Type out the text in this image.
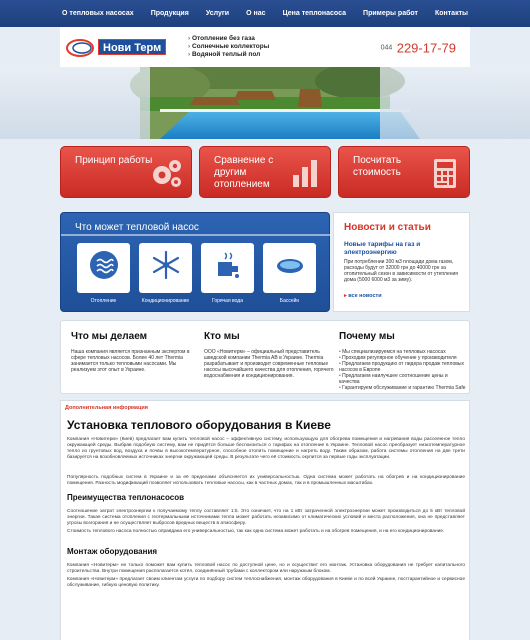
О тепловых насосах Продукция Услуги О нас Цена теплонасоса Примеры работ Контакты
Нови Терм
› Отопление без газа
› Солнечные коллекторы
› Водяной теплый пол
044 229-17-79
Принцип работы	Сравнение с другим отоплением
Посчитать стоимость
Что может тепловой насос
Отопление	Кондиционирование	Горячая вода	Бассейн
Новости и статьи
Новые тарифы на газ и электроэнергию
При потреблении 300 м3 площади дома газом, расходы будут от 32000 грн до 40000 грн за отопительный сезон в зависимости от утепления дома (5000 6000 м3 за зиму).
▸ все новости
Что мы делаем

Наша компания является признанным экспертом в сфере тепловых насосов. Более 40 лет Thermia занимается только тепловыми насосами. Мы реализуем этот опыт в Украине.

Кто мы

ООО «Новитерм» – официальный представитель шведской компании Thermia AB в Украине. Thermia разрабатывает и производит современные тепловые насосы высочайшего качества для отопления, горячего водоснабжения и кондиционирования.

Почему мы
• Мы специализируемся на тепловых насосах
• Проходим регулярное обучение у производителя
• Предлагаем продукцию от лидера продаж тепловых насосов в Европе
• Предлагаем наилучшее соотношение цены и качества
• Гарантируем обслуживание и гарантию Thermia Safe
Дополнительная информация
Установка теплового оборудования в Киеве
Компания «Новитерм» (Киев) предлагает вам купить тепловой насос – эффективную систему, использующую для обогрева помещения и нагревания воды рассеянное тепло окружающей среды. Выбрав подобную систему, вам не придётся больше беспокоиться о тарифах на отопление в Украине. Тепловой насос преобразует низкотемпературное тепло из грунтовых вод, воздуха и почвы в высокотемпературное, способное отопить помещение и нагреть воду. Таким образом, работа системы отопления на две трети базируется на возобновляемых источниках энергии окружающей среды. В результате чего её стоимость окупится за первые годы эксплуатации.
Популярность подобных систем в Украине и за её пределами объясняется их универсальностью. Одна система может работать на обогрев и на кондиционирование помещения. Разность модификаций позволяет использовать тепловые насосы, как в частных домах, так и в промышленных масштабах.
Преимущества теплонасосов
Соотношение затрат электроэнергии к получаемому теплу составляет 1:5. Это означает, что на 1 кВт затраченной электроэнергии может производиться до 5 кВт тепловой энергии. Такая система отопления с геотермальными источниками тепла может работать независимо от климатических условий и места расположения, она не представляет угрозы возгорания и не осуществляет выбросов вредных веществ в атмосферу.
Стоимость теплового насоса полностью оправдана его универсальностью, так как одна система может работать и на обогрев помещения, и на его кондиционирование.
Монтаж оборудования
Компания «Новитерм» не только поможет вам купить тепловой насос по доступной цене, но и осуществит его монтаж. Установка оборудования не требует капитального строительства. Внутри помещения располагается котёл, соединённый трубами с коллектором или наружным блоком.
Компания «Новитерм» предлагает своим клиентам услуги по подбору систем теплоснабжения, монтаж оборудования в Киеве и по всей Украине, постгарантийное и сервисное обслуживание, гибкую ценовую политику.
